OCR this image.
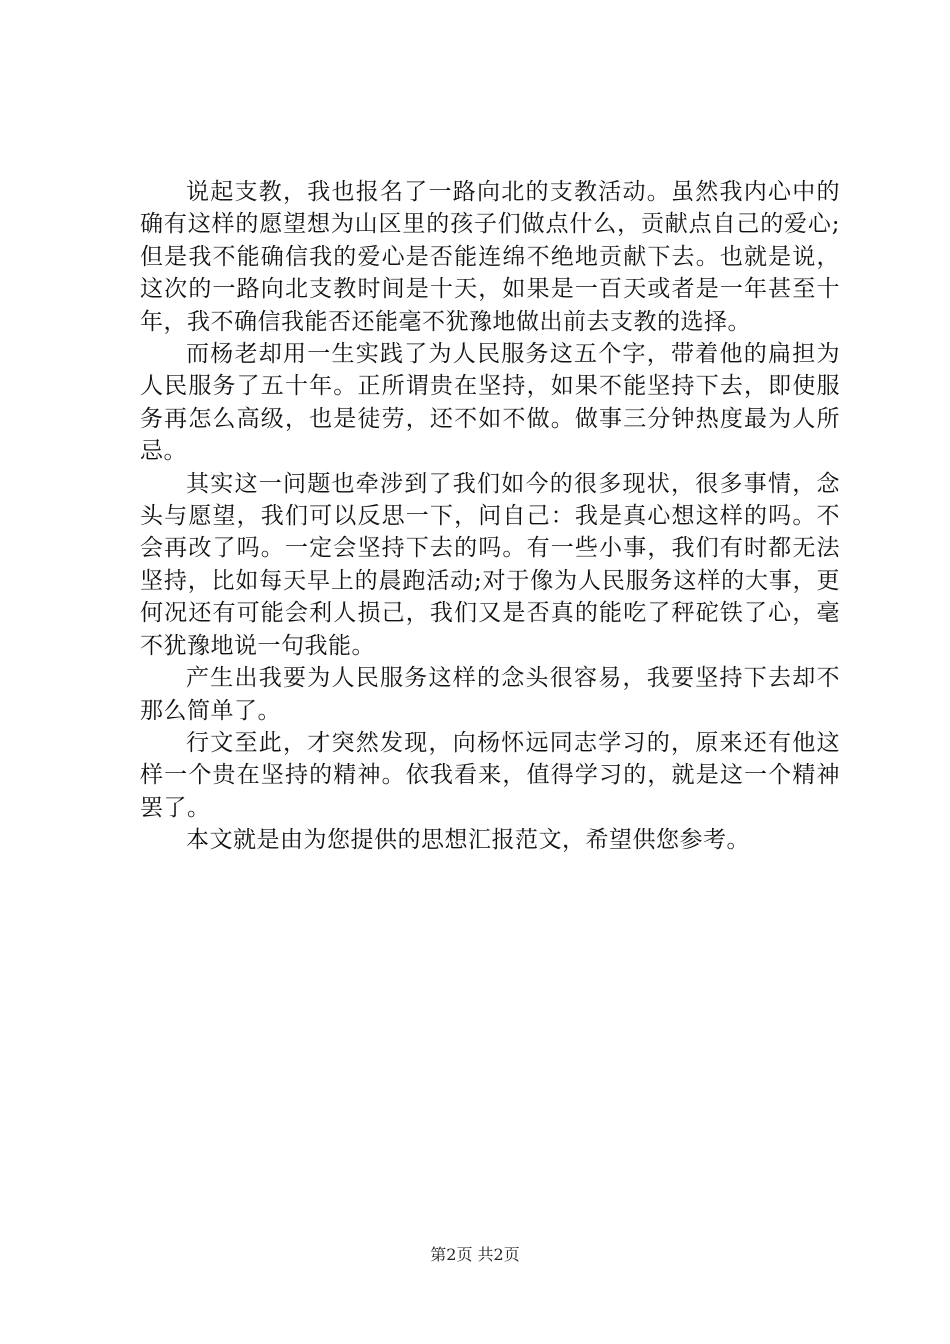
说起支教，我也报名了一路向北的支教活动。虽然我内心中的确有这样的愿望想为山区里的孩子们做点什么，贡献点自己的爱心;但是我不能确信我的爱心是否能连绵不绝地贡献下去。也就是说，这次的一路向北支教时间是十天，如果是一百天或者是一年甚至十年，我不确信我能否还能毫不犹豫地做出前去支教的选择。

而杨老却用一生实践了为人民服务这五个字，带着他的扁担为人民服务了五十年。正所谓贵在坚持，如果不能坚持下去，即使服务再怎么高级，也是徒劳，还不如不做。做事三分钟热度最为人所忌。

其实这一问题也牵涉到了我们如今的很多现状，很多事情，念头与愿望，我们可以反思一下，问自己：我是真心想这样的吗。不会再改了吗。一定会坚持下去的吗。有一些小事，我们有时都无法坚持，比如每天早上的晨跑活动;对于像为人民服务这样的大事，更何况还有可能会利人损己，我们又是否真的能吃了秤砣铁了心，毫不犹豫地说一句我能。

产生出我要为人民服务这样的念头很容易，我要坚持下去却不那么简单了。

行文至此，才突然发现，向杨怀远同志学习的，原来还有他这样一个贵在坚持的精神。依我看来，值得学习的，就是这一个精神罢了。

本文就是由为您提供的思想汇报范文，希望供您参考。

第2页 共2页
